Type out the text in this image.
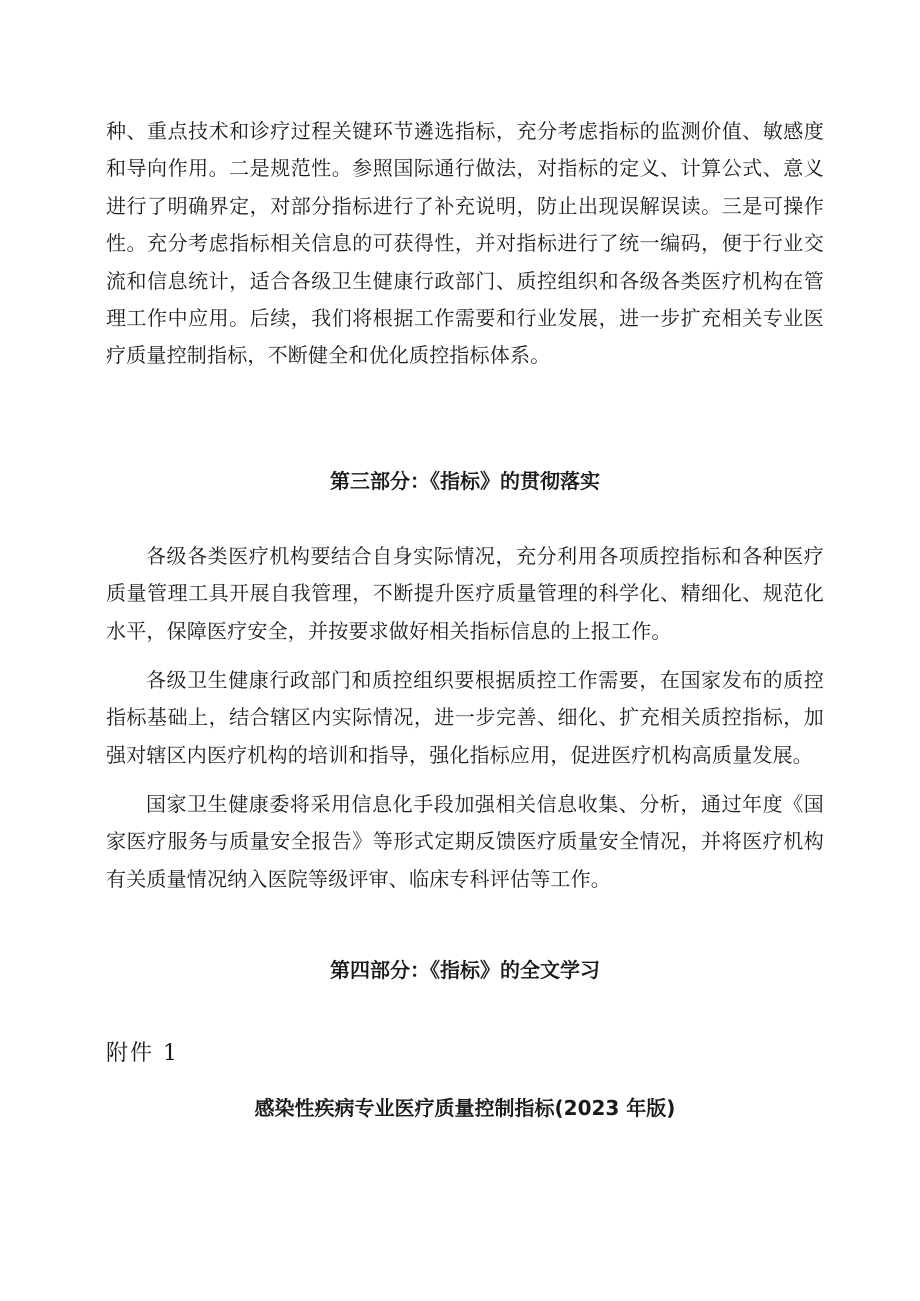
种、重点技术和诊疗过程关键环节遴选指标，充分考虑指标的监测价值、敏感度和导向作用。二是规范性。参照国际通行做法，对指标的定义、计算公式、意义进行了明确界定，对部分指标进行了补充说明，防止出现误解误读。三是可操作性。充分考虑指标相关信息的可获得性，并对指标进行了统一编码，便于行业交流和信息统计，适合各级卫生健康行政部门、质控组织和各级各类医疗机构在管理工作中应用。后续，我们将根据工作需要和行业发展，进一步扩充相关专业医疗质量控制指标，不断健全和优化质控指标体系。

第三部分：《指标》的贯彻落实

各级各类医疗机构要结合自身实际情况，充分利用各项质控指标和各种医疗质量管理工具开展自我管理，不断提升医疗质量管理的科学化、精细化、规范化水平，保障医疗安全，并按要求做好相关指标信息的上报工作。

各级卫生健康行政部门和质控组织要根据质控工作需要，在国家发布的质控指标基础上，结合辖区内实际情况，进一步完善、细化、扩充相关质控指标，加强对辖区内医疗机构的培训和指导，强化指标应用，促进医疗机构高质量发展。

国家卫生健康委将采用信息化手段加强相关信息收集、分析，通过年度《国家医疗服务与质量安全报告》等形式定期反馈医疗质量安全情况，并将医疗机构有关质量情况纳入医院等级评审、临床专科评估等工作。

第四部分：《指标》的全文学习

附件 1

感染性疾病专业医疗质量控制指标(2023 年版)
